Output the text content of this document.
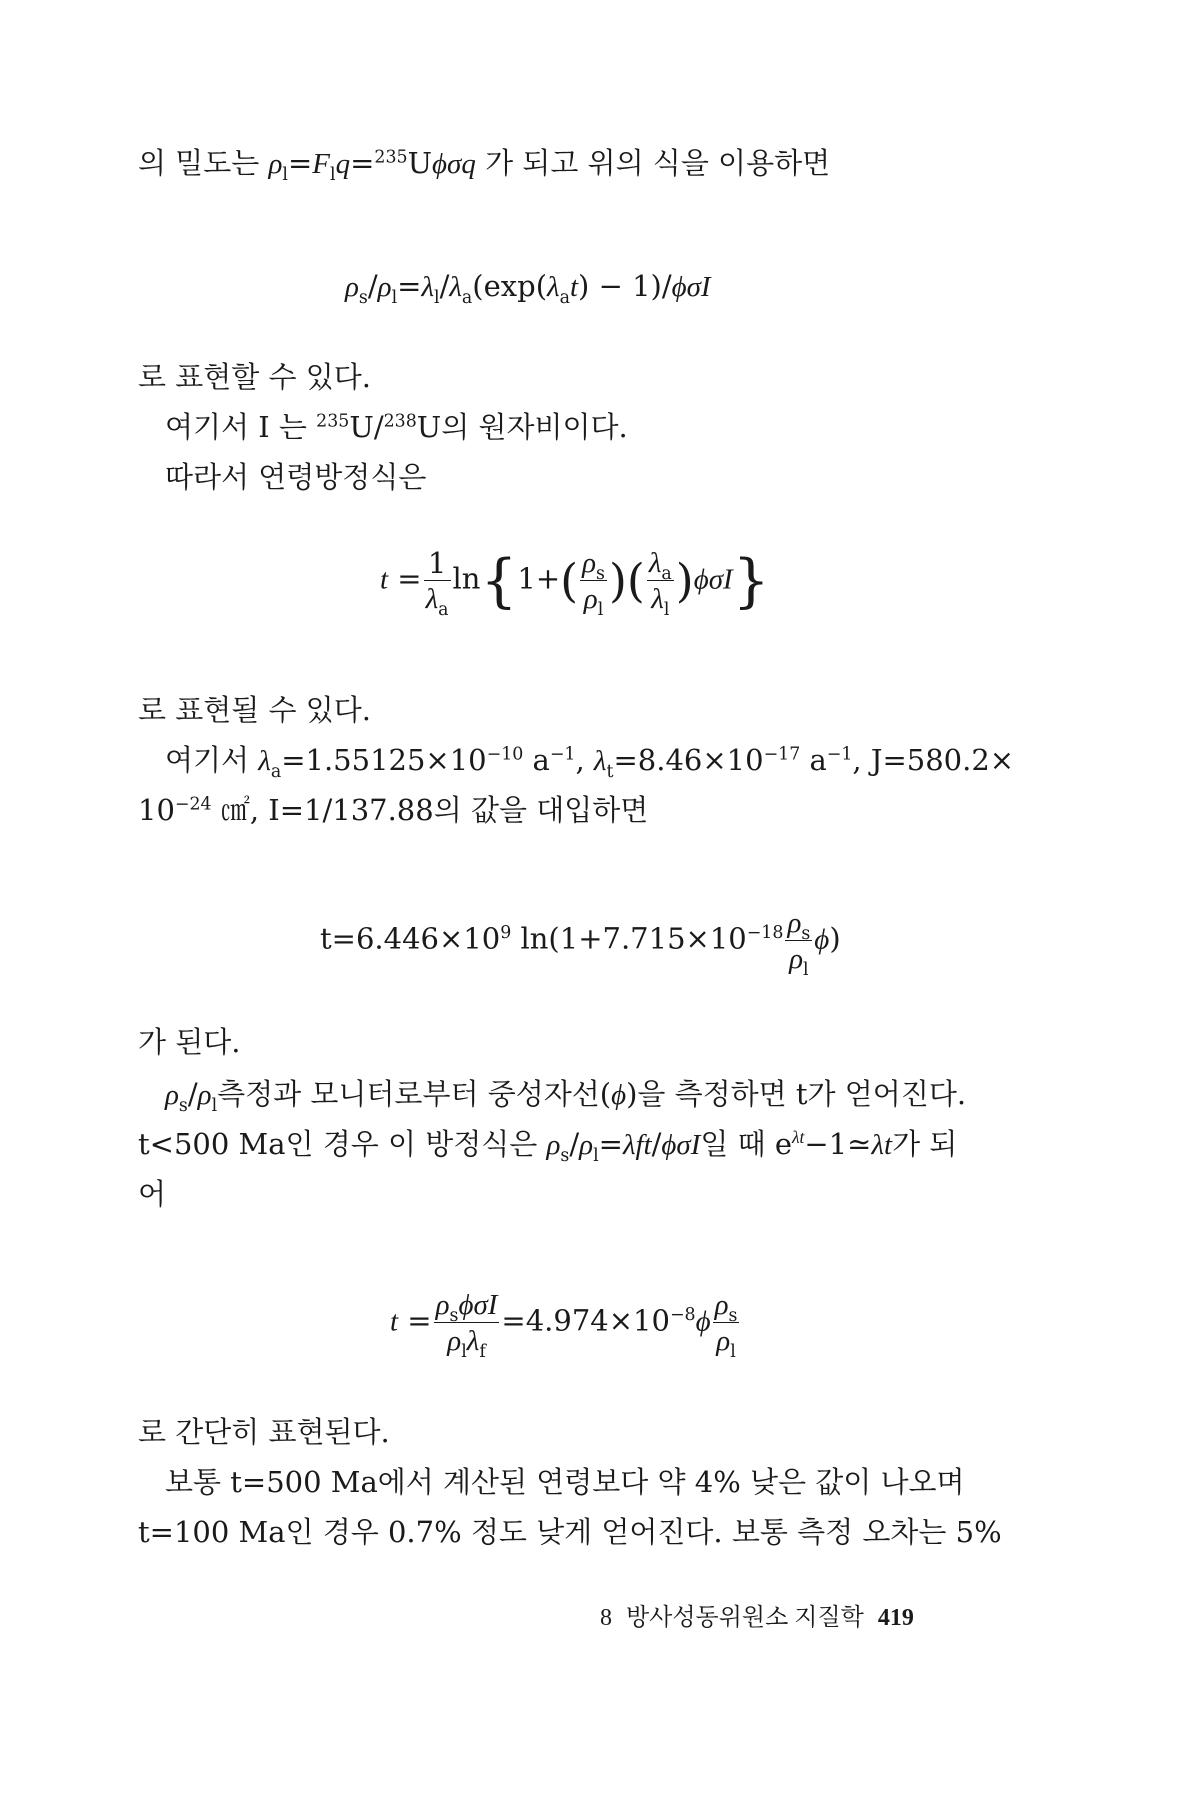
의 밀도는 $\rho_l=F_lq=^{235}U\phi\sigma q$ 가 되고 위의 식을 이용하면
$\rho_s/\rho_l=\lambda_l/\lambda_a(\exp(\lambda_at) - 1)/\phi\sigma I$
로 표현할 수 있다.
여기서 I 는 $^{235}$U/$^{238}$U의 원자비이다.
따라서 연령방정식은
$t = \frac{1}{\lambda_a} \ln\{1+( \frac{\rho_s}{\rho_l}$ )( $\frac{\lambda_a}{\lambda_l} )\phi\sigma I$}
로 표현될 수 있다.
여기서 $\lambda_a=1.55125\times 10^{-10}$ $a^{-1}$, $\lambda_t=8.46\times 10^{-17}$ $a^{-1}$, J=580.2×
$10^{-24}$ ㎠, I=1/137.88의 값을 대입하면
$t=6.446\times 10^9$ $\ln(1+7.715\times 10^{-18} \frac{\rho_s}{\rho_l} \phi)$
가 된다.
$\rho_s/\rho_l$측정과 모니터로부터 중성자선(ϕ)을 측정하면 t가 얻어진다.
t<500 Ma인 경우 이 방정식은 $\rho_s/\rho_l=\lambda ft$/ϕσI일 때 $e^{\lambda t}-1≃\lambda t$가 되
어
$t = \frac{\rho_s\phi\sigma I}{\rho_l\lambda_f} =4.974\times 10^{-8}\phi \frac{\rho_s}{\rho_l}$
로 간단히 표현된다.
보통 t=500 Ma에서 계산된 연령보다 약 4% 낮은 값이 나오며
t=100 Ma인 경우 0.7% 정도 낮게 얻어진다. 보통 측정 오차는 5%
8 방사성동위원소 지질학 419
